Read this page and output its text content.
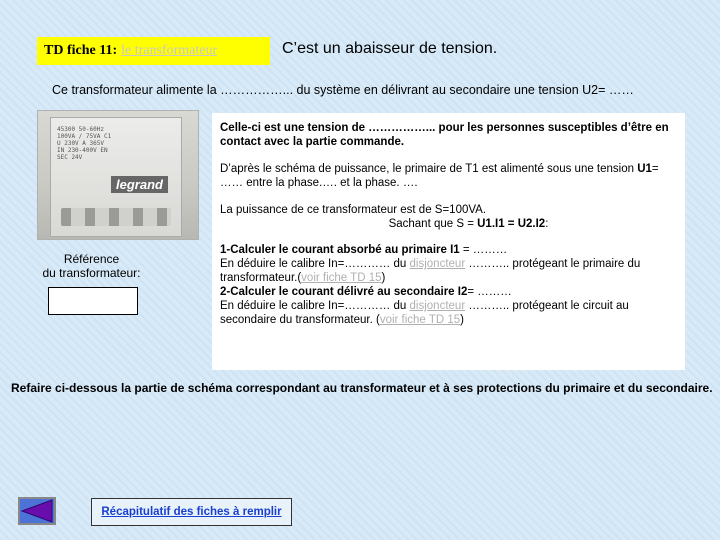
TD fiche 11: le transformateur	C’est un abaisseur de tension.
Ce transformateur alimente la ……………... du système en délivrant au secondaire une tension U2= ……
45300 50-60Hz
100VA / 75VA C1
U 230V A 365V
IN 230-400V EN
SEC 24V
legrand
Référence
du transformateur:

Celle-ci est une tension de ……………... pour les personnes susceptibles d’être en contact avec la partie commande.

D’après le schéma de puissance, le primaire de T1 est alimenté sous une tension U1= …… entre la phase.…. et la phase. ….

La puissance de ce transformateur est de S=100VA.

Sachant que S = U1.I1 = U2.I2:

1-Calculer le courant absorbé au primaire I1 = ………
En déduire le calibre In=………… du disjoncteur ……….. protégeant le primaire du transformateur.(voir fiche TD 15)

2-Calculer le courant délivré au secondaire I2= ………
En déduire le calibre In=………… du disjoncteur ……….. protégeant le circuit au secondaire du transformateur. (voir fiche TD 15)

Refaire ci-dessous la partie de schéma correspondant au transformateur et à ses protections du primaire et du secondaire.
Récapitulatif des fiches à remplir
